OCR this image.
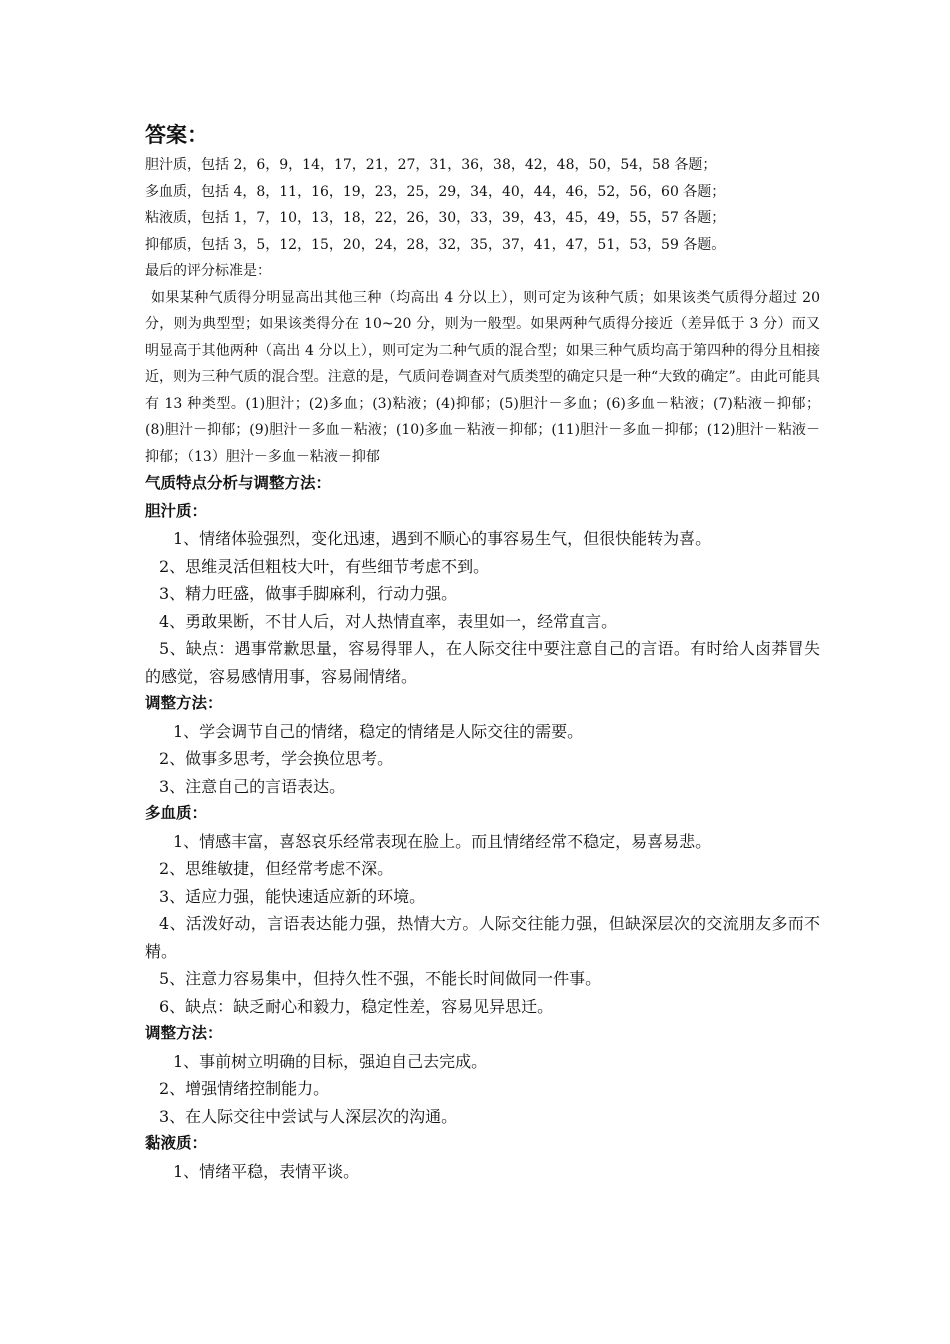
答案：
胆汁质，包括 2，6，9，14，17，21，27，31，36，38，42，48，50，54，58 各题；
多血质，包括 4，8，11，16，19，23，25，29，34，40，44，46，52，56，60 各题；
粘液质，包括 1，7，10，13，18，22，26，30，33，39，43，45，49，55，57 各题；
抑郁质，包括 3，5，12，15，20，24，28，32，35，37，41，47，51，53，59 各题。
最后的评分标准是：
如果某种气质得分明显高出其他三种（均高出 4 分以上），则可定为该种气质；如果该类气质得分超过 20 分，则为典型型；如果该类得分在 10~20 分，则为一般型。如果两种气质得分接近（差异低于 3 分）而又明显高于其他两种（高出 4 分以上），则可定为二种气质的混合型；如果三种气质均高于第四种的得分且相接近，则为三种气质的混合型。注意的是，气质问卷调查对气质类型的确定只是一种“大致的确定”。由此可能具有 13 种类型。(1)胆汁；(2)多血；(3)粘液；(4)抑郁；(5)胆汁－多血；(6)多血－粘液；(7)粘液－抑郁；(8)胆汁－抑郁；(9)胆汁－多血－粘液；(10)多血－粘液－抑郁；(11)胆汁－多血－抑郁；(12)胆汁－粘液－抑郁；（13）胆汁－多血－粘液－抑郁
气质特点分析与调整方法：
胆汁质：
1、情绪体验强烈，变化迅速，遇到不顺心的事容易生气，但很快能转为喜。
2、思维灵活但粗枝大叶，有些细节考虑不到。
3、精力旺盛，做事手脚麻利，行动力强。
4、勇敢果断，不甘人后，对人热情直率，表里如一，经常直言。
5、缺点：遇事常歉思量，容易得罪人，在人际交往中要注意自己的言语。有时给人卤莽冒失的感觉，容易感情用事，容易闹情绪。
调整方法：
1、学会调节自己的情绪，稳定的情绪是人际交往的需要。
2、做事多思考，学会换位思考。
3、注意自己的言语表达。
多血质：
1、情感丰富，喜怒哀乐经常表现在脸上。而且情绪经常不稳定，易喜易悲。
2、思维敏捷，但经常考虑不深。
3、适应力强，能快速适应新的环境。
4、活泼好动，言语表达能力强，热情大方。人际交往能力强，但缺深层次的交流朋友多而不精。
5、注意力容易集中，但持久性不强，不能长时间做同一件事。
6、缺点：缺乏耐心和毅力，稳定性差，容易见异思迁。
调整方法：
1、事前树立明确的目标，强迫自己去完成。
2、增强情绪控制能力。
3、在人际交往中尝试与人深层次的沟通。
黏液质：
1、情绪平稳，表情平谈。
